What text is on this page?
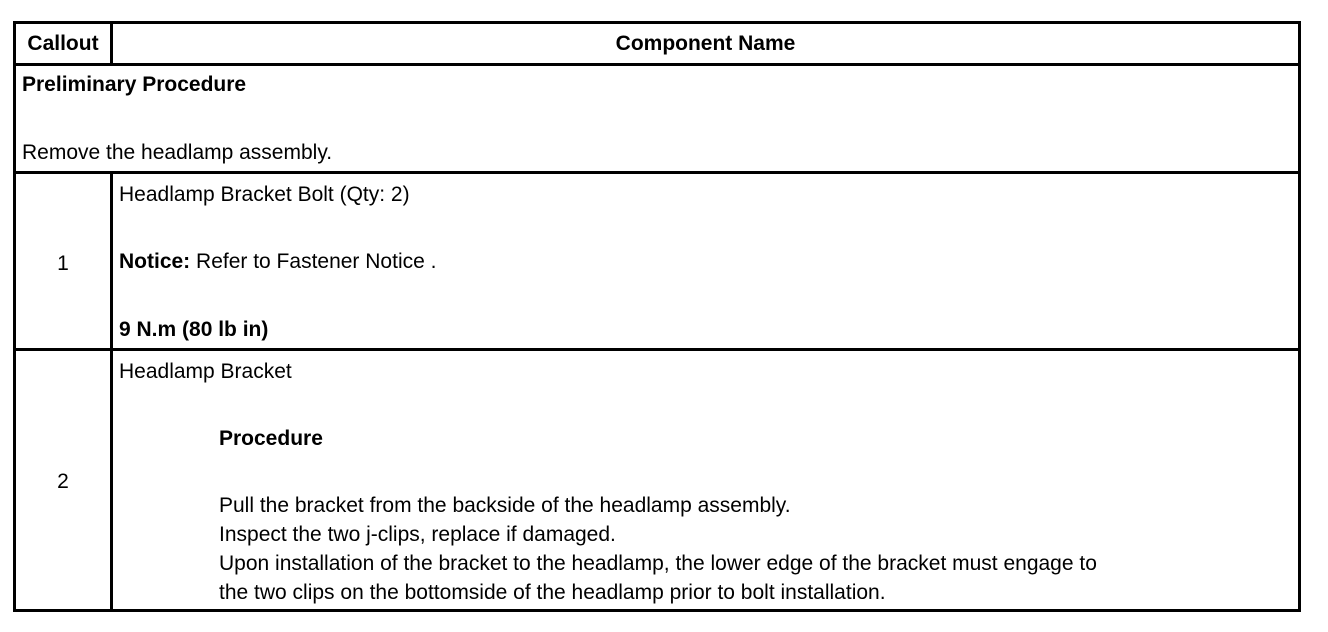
Callout	Component Name
Preliminary Procedure
Remove the headlamp assembly.
1
Headlamp Bracket Bolt (Qty: 2)
Notice: Refer to Fastener Notice .
9 N.m (80 lb in)
2
Headlamp Bracket
Procedure
Pull the bracket from the backside of the headlamp assembly.
Inspect the two j-clips, replace if damaged.
Upon installation of the bracket to the headlamp, the lower edge of the bracket must engage to
the two clips on the bottomside of the headlamp prior to bolt installation.
